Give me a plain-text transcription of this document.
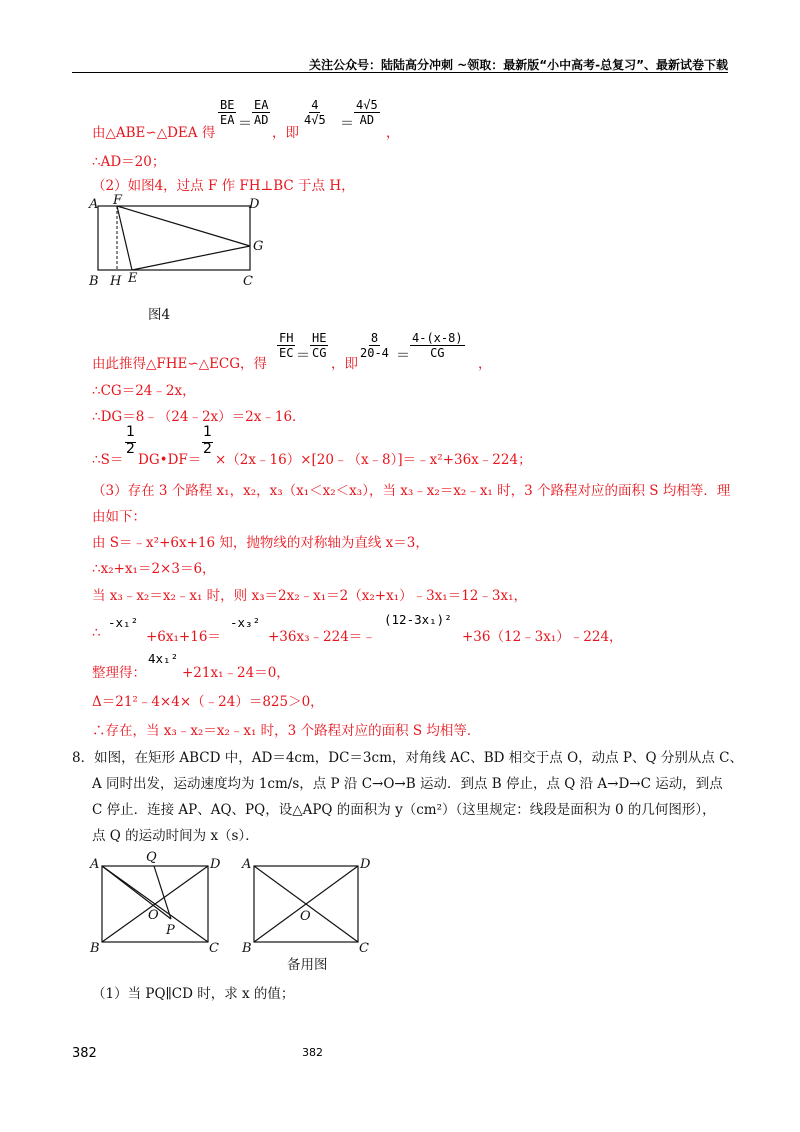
关注公众号：陆陆高分冲刺 ~领取：最新版“小中高考-总复习”、最新试卷下载
由△ABE∽△DEA 得
$\frac{BE}{EA} = \frac{EA}{AD}$
，即
$\frac{4}{4√5} = \frac{4√5}{AD}$
，
∴AD＝20；
（2）如图4，过点 F 作 FH⊥BC 于点 H，
A F	D
G
B H E	C
图4
由此推得△FHE∽△ECG，得
$\frac{FH}{EC} = \frac{HE}{CG}$
，即
$\frac{8}{20-4} = \frac{4-(x-8)}{CG}$
，
∴CG＝24﹣2x，
∴DG＝8﹣（24﹣2x）＝2x﹣16．
1
2
1
2
∴S＝ DG•DF＝ ×（2x﹣16）×[20﹣（x﹣8）]＝﹣x²+36x﹣224；
（3）存在 3 个路程 x₁，x₂，x₃（x₁＜x₂＜x₃），当 x₃﹣x₂＝x₂﹣x₁ 时，3 个路程对应的面积 S 均相等．理
由如下：
由 S＝﹣x²+6x+16 知，抛物线的对称轴为直线 x＝3，
∴x₂+x₁＝2×3＝6，
当 x₃﹣x₂＝x₂﹣x₁ 时，则 x₃＝2x₂﹣x₁＝2（x₂+x₁）﹣3x₁＝12﹣3x₁，
∴
-x₁²
+6x₁+16＝
-x₃²
+36x₃﹣224＝﹣
(12-3x₁)²
+36（12﹣3x₁）﹣224，
整理得：
4x₁²
+21x₁﹣24＝0，
Δ＝21²﹣4×4×（﹣24）＝825＞0，
∴存在，当 x₃﹣x₂＝x₂﹣x₁ 时，3 个路程对应的面积 S 均相等．
8．如图，在矩形 ABCD 中，AD＝4cm，DC＝3cm，对角线 AC、BD 相交于点 O，动点 P、Q 分别从点 C、
A 同时出发，运动速度均为 1cm/s，点 P 沿 C→O→B 运动．到点 B 停止，点 Q 沿 A→D→C 运动，到点
C 停止．连接 AP、AQ、PQ，设△APQ 的面积为 y（cm²）（这里规定：线段是面积为 0 的几何图形），
点 Q 的运动时间为 x（s）．
A	Q	D
O
P
B	C
A	D
O
B	C
备用图
（1）当 PQ∥CD 时，求 x 的值；
382	382
